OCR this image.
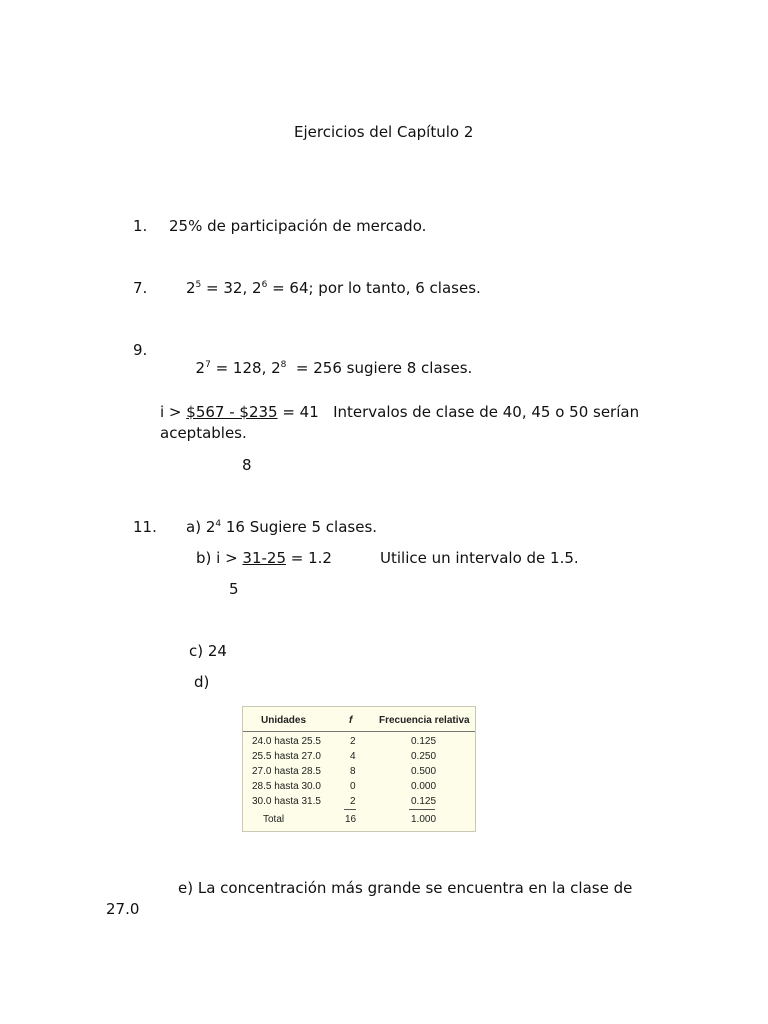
Ejercicios del Capítulo 2
1. 25% de participación de mercado.
7.	$2^5 = 32$, $2^6 = 64$; por lo tanto, 6 clases.
9.

$2^7 = 128$, $2^8 = 256$ sugiere 8 clases.

i > $567 - $235 = 41   Intervalos de clase de 40, 45 o 50 serían
aceptables.
8
11. a) $2^4$ 16 Sugiere 5 clases.
b) i > 31-25 = 1.2	Utilice un intervalo de 1.5.
5
c) 24
d)
Unidades	f	Frecuencia relativa
24.0 hasta 25.5	2	0.125
25.5 hasta 27.0	4	0.250
27.0 hasta 28.5	8	0.500
28.5 hasta 30.0	0	0.000
30.0 hasta 31.5	2	0.125
Total	16	1.000
e) La concentración más grande se encuentra en la clase de
27.0
